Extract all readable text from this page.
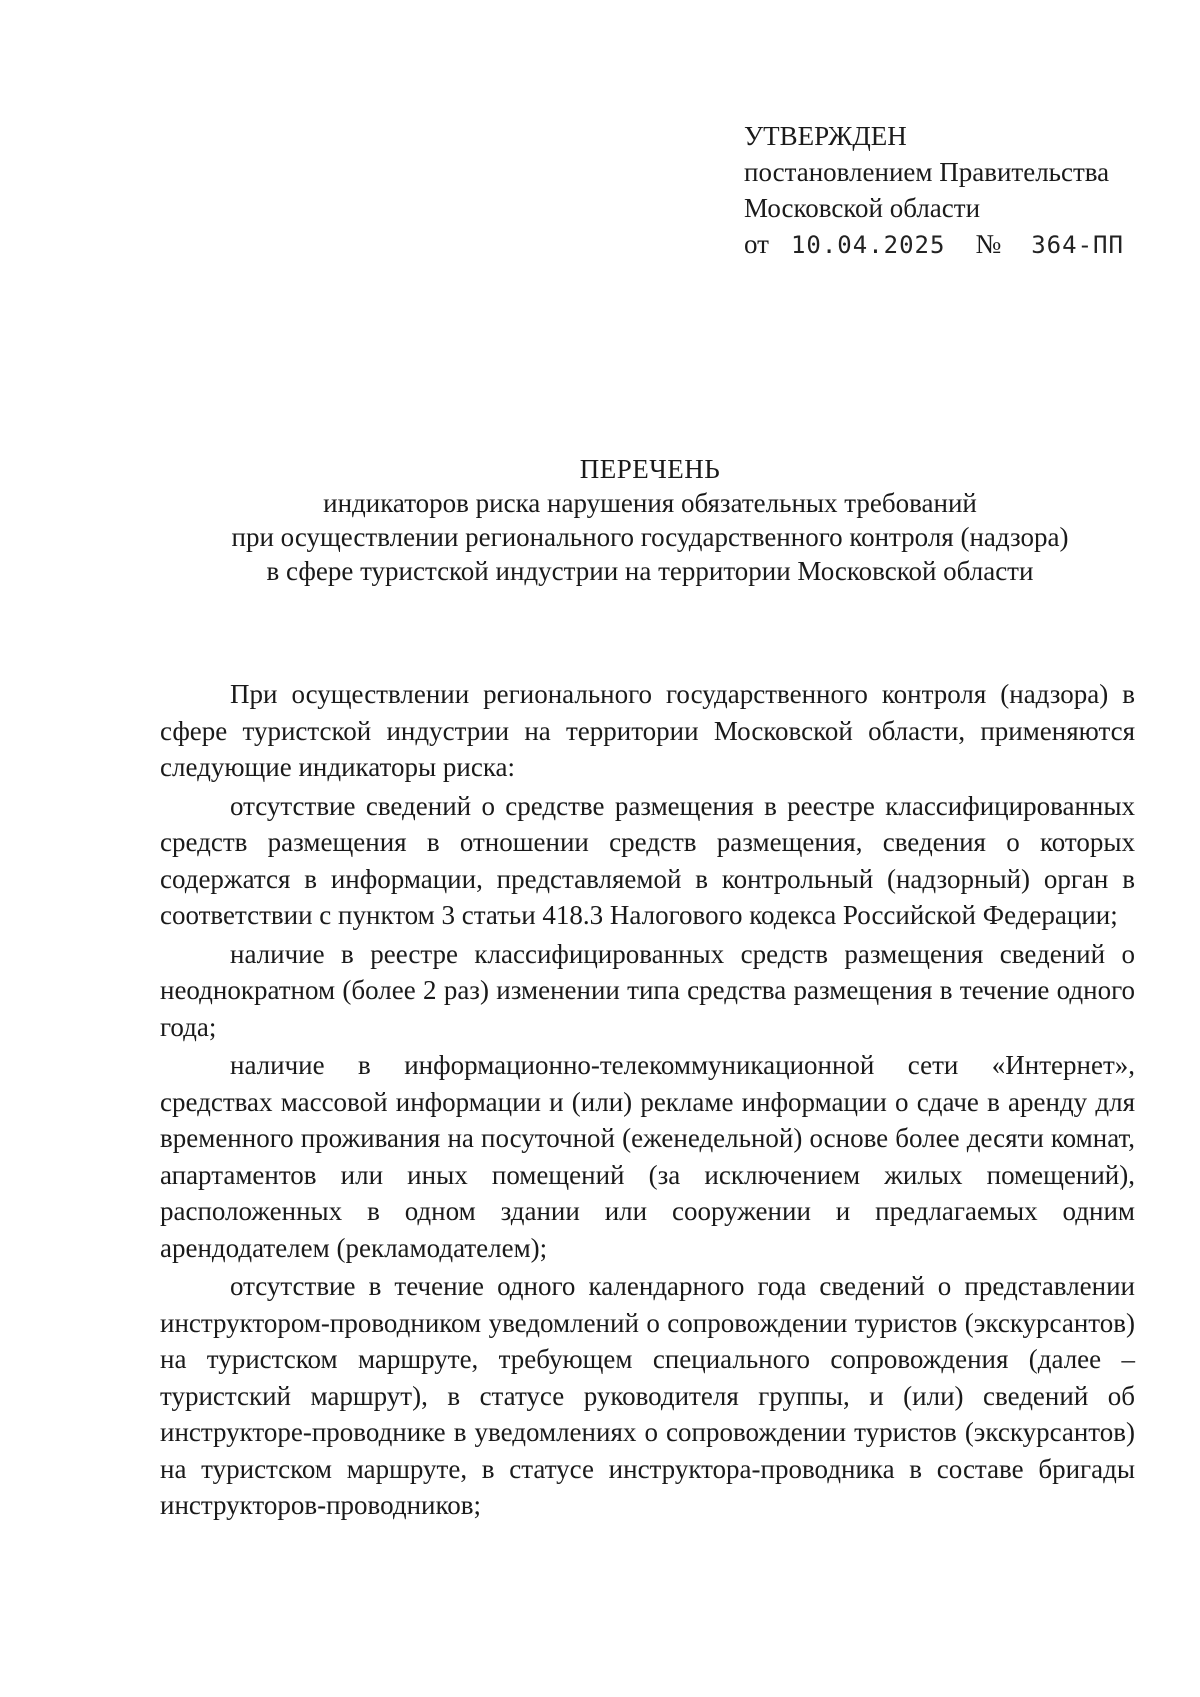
УТВЕРЖДЕН
постановлением Правительства
Московской области
от 10.04.2025 № 364-ПП
ПЕРЕЧЕНЬ
индикаторов риска нарушения обязательных требований
при осуществлении регионального государственного контроля (надзора)
в сфере туристской индустрии на территории Московской области

При осуществлении регионального государственного контроля (надзора) в сфере туристской индустрии на территории Московской области, применяются следующие индикаторы риска:

отсутствие сведений о средстве размещения в реестре классифицированных средств размещения в отношении средств размещения, сведения о которых содержатся в информации, представляемой в контрольный (надзорный) орган в соответствии с пунктом 3 статьи 418.3 Налогового кодекса Российской Федерации;

наличие в реестре классифицированных средств размещения сведений о неоднократном (более 2 раз) изменении типа средства размещения в течение одного года;

наличие в информационно-телекоммуникационной сети «Интернет», средствах массовой информации и (или) рекламе информации о сдаче в аренду для временного проживания на посуточной (еженедельной) основе более десяти комнат, апартаментов или иных помещений (за исключением жилых помещений), расположенных в одном здании или сооружении и предлагаемых одним арендодателем (рекламодателем);

отсутствие в течение одного календарного года сведений о представлении инструктором-проводником уведомлений о сопровождении туристов (экскурсантов) на туристском маршруте, требующем специального сопровождения (далее – туристский маршрут), в статусе руководителя группы, и (или) сведений об инструкторе-проводнике в уведомлениях о сопровождении туристов (экскурсантов) на туристском маршруте, в статусе инструктора-проводника в составе бригады инструкторов-проводников;
